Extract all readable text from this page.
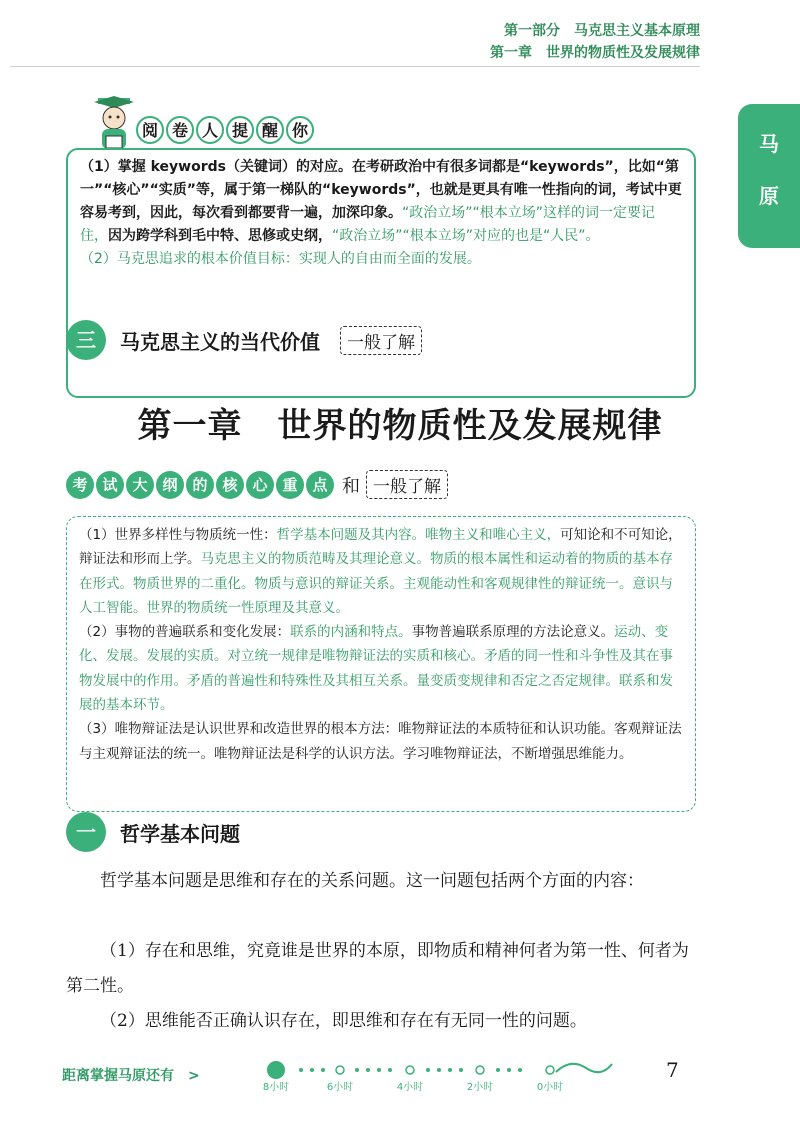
第一部分　马克思主义基本原理
第一章　世界的物质性及发展规律
马
原
阅 卷 人 提 醒 你
（1）掌握 keywords（关键词）的对应。在考研政治中有很多词都是“keywords”，比如“第一”“核心”“实质”等，属于第一梯队的“keywords”，也就是更具有唯一性指向的词，考试中更容易考到，因此，每次看到都要背一遍，加深印象。“政治立场”“根本立场”这样的词一定要记住，因为跨学科到毛中特、思修或史纲，“政治立场”“根本立场”对应的也是“人民”。
（2）马克思追求的根本价值目标：实现人的自由而全面的发展。
三	马克思主义的当代价值	一般了解
第一章　世界的物质性及发展规律
考 试 大 纲 的 核 心 重 点 和 一般了解
（1）世界多样性与物质统一性：哲学基本问题及其内容。唯物主义和唯心主义，可知论和不可知论，辩证法和形而上学。马克思主义的物质范畴及其理论意义。物质的根本属性和运动着的物质的基本存在形式。物质世界的二重化。物质与意识的辩证关系。主观能动性和客观规律性的辩证统一。意识与人工智能。世界的物质统一性原理及其意义。
（2）事物的普遍联系和变化发展：联系的内涵和特点。事物普遍联系原理的方法论意义。运动、变化、发展。发展的实质。对立统一规律是唯物辩证法的实质和核心。矛盾的同一性和斗争性及其在事物发展中的作用。矛盾的普遍性和特殊性及其相互关系。量变质变规律和否定之否定规律。联系和发展的基本环节。
（3）唯物辩证法是认识世界和改造世界的根本方法：唯物辩证法的本质特征和认识功能。客观辩证法与主观辩证法的统一。唯物辩证法是科学的认识方法。学习唯物辩证法，不断增强思维能力。
一	哲学基本问题
哲学基本问题是思维和存在的关系问题。这一问题包括两个方面的内容：
（1）存在和思维，究竟谁是世界的本原，即物质和精神何者为第一性、何者为第二性。
（2）思维能否正确认识存在，即思维和存在有无同一性的问题。
距离掌握马原还有　>
8小时	6小时	4小时	2小时	0小时
7
